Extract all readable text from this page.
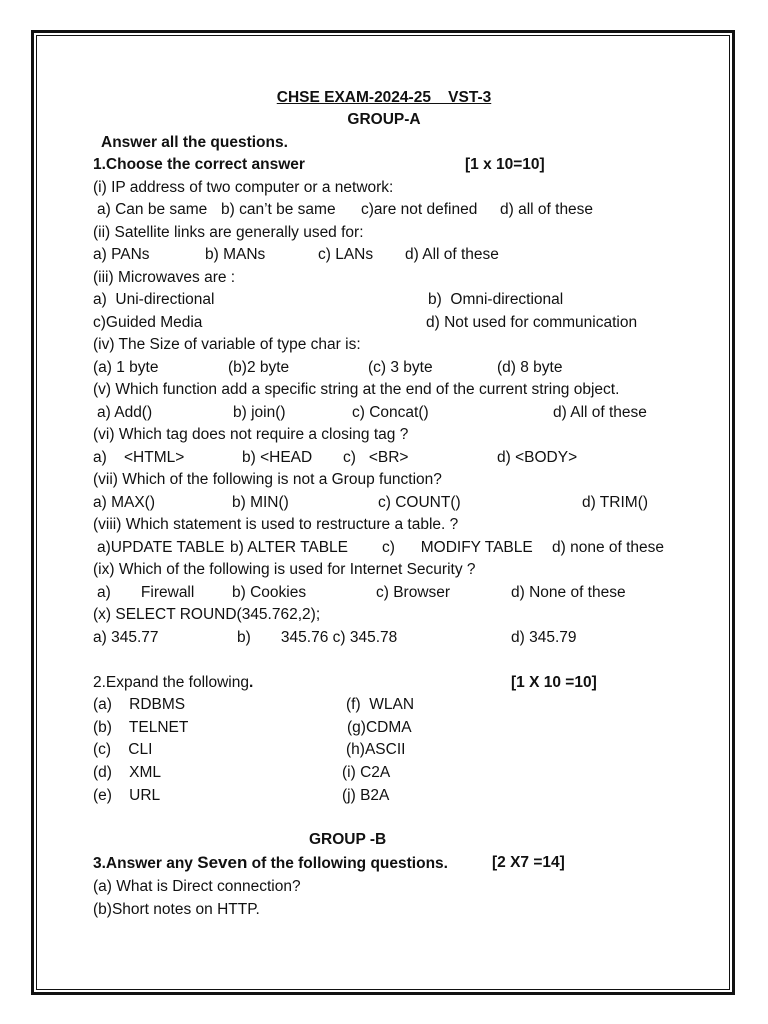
CHSE EXAM-2024-25    VST-3
GROUP-A
Answer all the questions.
1.Choose the correct answer	[1 x 10=10]
(i) IP address of two computer or a network:
a) Can be same b) can’t be same c)are not defined d) all of these
(ii) Satellite links are generally used for:
a) PANs	b) MANs	c) LANs d) All of these
(iii) Microwaves are :
a)  Uni-directional	b)  Omni-directional
c)Guided Media	d) Not used for communication
(iv) The Size of variable of type char is:
(a) 1 byte	(b)2 byte	(c) 3 byte	(d) 8 byte
(v) Which function add a specific string at the end of the current string object.
a) Add()	b) join()	c) Concat()	d) All of these
(vi) Which tag does not require a closing tag ?
a)    <HTML>	b) <HEAD c)   <BR>	d) <BODY>
(vii) Which of the following is not a Group function?
a) MAX()	b) MIN()	c) COUNT()	d) TRIM()
(viii) Which statement is used to restructure a table. ?
a)UPDATE TABLE b) ALTER TABLE c)      MODIFY TABLE d) none of these
(ix) Which of the following is used for Internet Security ?
a)       Firewall b) Cookies	c) Browser	d) None of these
(x) SELECT ROUND(345.762,2);
a) 345.77	b)       345.76 c) 345.78	d) 345.79
2.Expand the following.	[1 X 10 =10]
(a)    RDBMS	(f)  WLAN
(b)    TELNET	(g)CDMA
(c)    CLI	(h)ASCII
(d)    XML	(i) C2A
(e)    URL	(j) B2A
GROUP -B
3.Answer any Seven of the following questions.	[2 X7 =14]
(a) What is Direct connection?
(b)Short notes on HTTP.
